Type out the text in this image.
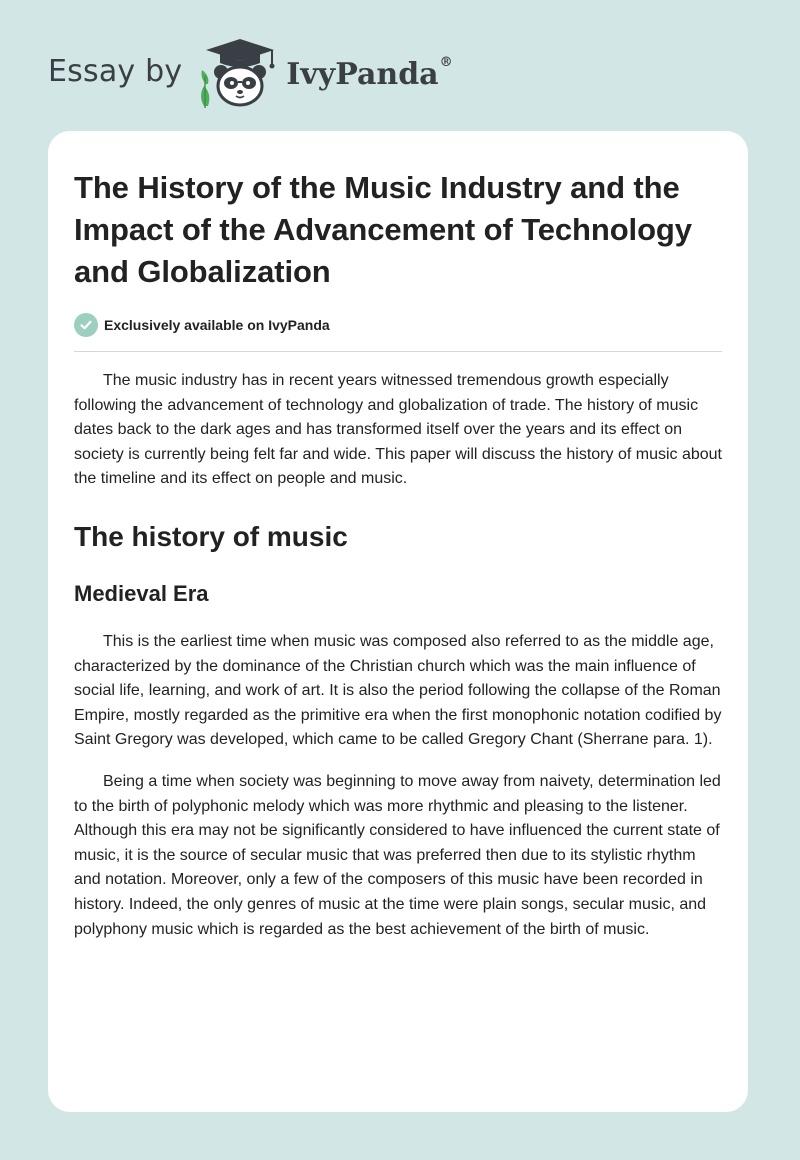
Essay by	IvyPanda®
The History of the Music Industry and the Impact of the Advancement of Technology and Globalization
Exclusively available on IvyPanda

The music industry has in recent years witnessed tremendous growth especially following the advancement of technology and globalization of trade. The history of music dates back to the dark ages and has transformed itself over the years and its effect on society is currently being felt far and wide. This paper will discuss the history of music about the timeline and its effect on people and music.

The history of music
Medieval Era

This is the earliest time when music was composed also referred to as the middle age, characterized by the dominance of the Christian church which was the main influence of social life, learning, and work of art. It is also the period following the collapse of the Roman Empire, mostly regarded as the primitive era when the first monophonic notation codified by Saint Gregory was developed, which came to be called Gregory Chant (Sherrane para. 1).

Being a time when society was beginning to move away from naivety, determination led to the birth of polyphonic melody which was more rhythmic and pleasing to the listener. Although this era may not be significantly considered to have influenced the current state of music, it is the source of secular music that was preferred then due to its stylistic rhythm and notation. Moreover, only a few of the composers of this music have been recorded in history. Indeed, the only genres of music at the time were plain songs, secular music, and polyphony music which is regarded as the best achievement of the birth of music.
